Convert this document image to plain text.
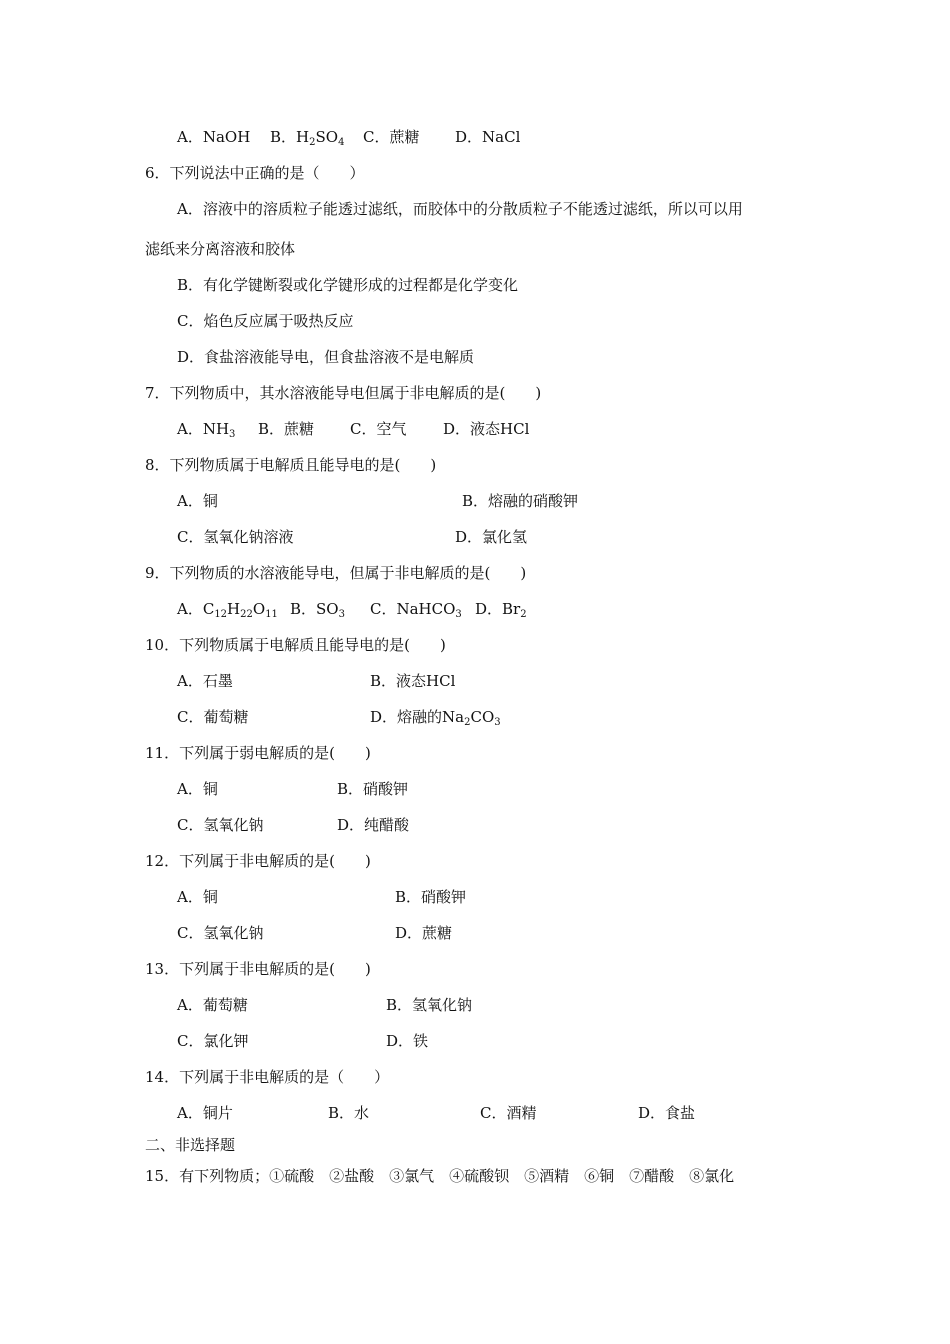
A．NaOH B．$H_2SO_4$ C．蔗糖 D．NaCl
6．下列说法中正确的是（　　）
A．溶液中的溶质粒子能透过滤纸，而胶体中的分散质粒子不能透过滤纸，所以可以用
滤纸来分离溶液和胶体
B．有化学键断裂或化学键形成的过程都是化学变化
C．焰色反应属于吸热反应
D．食盐溶液能导电，但食盐溶液不是电解质
7．下列物质中，其水溶液能导电但属于非电解质的是(　　)
A．$NH_3$ B．蔗糖 C．空气 D．液态HCl
8．下列物质属于电解质且能导电的是(　　)
A．铜	B．熔融的硝酸钾
C．氢氧化钠溶液	D．氯化氢
9．下列物质的水溶液能导电，但属于非电解质的是(　　)
A．$C_{12}H_{22}O_{11}$ B．$SO_3$ C．NaHCO$_3$ D．$Br_2$
10．下列物质属于电解质且能导电的是(　　)
A．石墨	B．液态HCl
C．葡萄糖	D．熔融的$Na_2CO_3$
11．下列属于弱电解质的是(　　)
A．铜	B．硝酸钾
C．氢氧化钠	D．纯醋酸
12．下列属于非电解质的是(　　)
A．铜	B．硝酸钾
C．氢氧化钠	D．蔗糖
13．下列属于非电解质的是(　　)
A．葡萄糖	B．氢氧化钠
C．氯化钾	D．铁
14．下列属于非电解质的是（　　）
A．铜片	B．水	C．酒精	D．食盐
二、非选择题
15．有下列物质；①硫酸　②盐酸　③氯气　④硫酸钡　⑤酒精　⑥铜　⑦醋酸　⑧氯化
